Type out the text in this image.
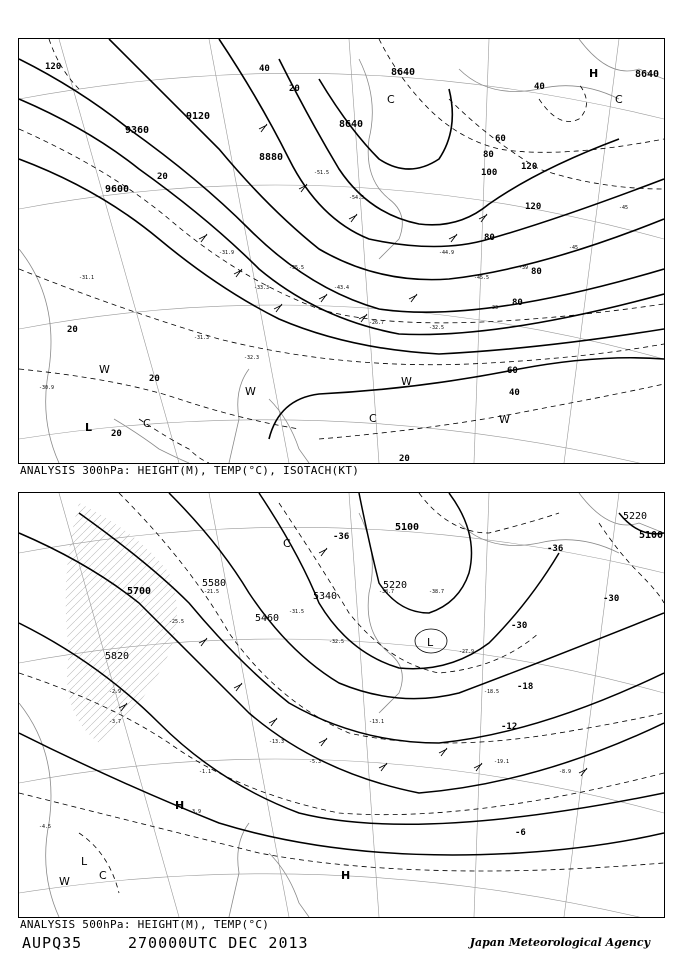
-31.9
-33.3
-35.5
-43.4
-51.5
-54.5
-44.9
-45.5
-33
-39
-45
-45
-31.3
-32.3
-26.7
-32.5
-31.1
-30.9
9600
9360
9120
8880
8640
8640	8640
120
20
40
20	40
60
80
100
120
120
80
80
80
60
40
20
20
20
20
H
C
L	C	C
C
W
W
W
W
ANALYSIS 300hPa: HEIGHT(M), TEMP(°C), ISOTACH(KT)
-25.5
-21.5
-31.5
-32.5
-38.7	-38.7
-27.9
-18.5
-13.3
-5.3
-13.1
-19.1
-8.9
-2.9
-1.1
-3.9
-4.5
-3.7
5700
5580
5460
5340
5220
5100
5220
5100
5820
-36
-36
-30
-30
-18
-12
-6
L
H
H
L
C
C
W
ANALYSIS 500hPa: HEIGHT(M), TEMP(°C)
AUPQ35	270000UTC DEC 2013	Japan Meteorological Agency
